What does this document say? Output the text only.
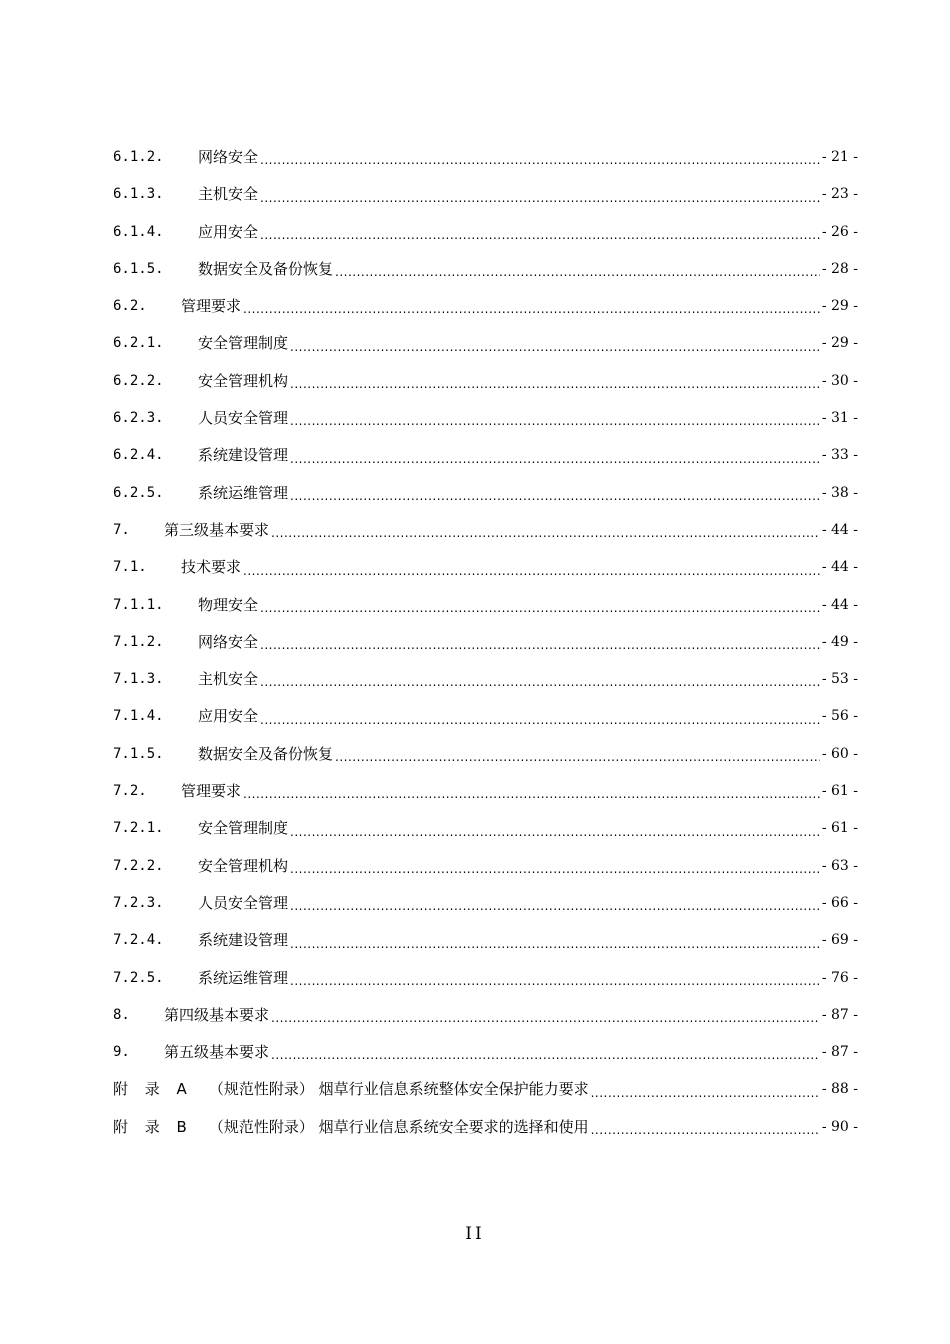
6.1.2.	网络安全 .....	- 21 -
6.1.3.	主机安全 .....	- 23 -
6.1.4.	应用安全 .....	- 26 -
6.1.5.	数据安全及备份恢复 .....	- 28 -
6.2.	管理要求 .....	- 29 -
6.2.1.	安全管理制度 .....	- 29 -
6.2.2.	安全管理机构 .....	- 30 -
6.2.3.	人员安全管理 .....	- 31 -
6.2.4.	系统建设管理 .....	- 33 -
6.2.5.	系统运维管理 .....	- 38 -
7.	第三级基本要求 .....	- 44 -
7.1.	技术要求 .....	- 44 -
7.1.1.	物理安全 .....	- 44 -
7.1.2.	网络安全 .....	- 49 -
7.1.3.	主机安全 .....	- 53 -
7.1.4.	应用安全 .....	- 56 -
7.1.5.	数据安全及备份恢复 .....	- 60 -
7.2.	管理要求 .....	- 61 -
7.2.1.	安全管理制度 .....	- 61 -
7.2.2.	安全管理机构 .....	- 63 -
7.2.3.	人员安全管理 .....	- 66 -
7.2.4.	系统建设管理 .....	- 69 -
7.2.5.	系统运维管理 .....	- 76 -
8.	第四级基本要求 .....	- 87 -
9.	第五级基本要求 .....	- 87 -
附 录 A （规范性附录） 烟草行业信息系统整体安全保护能力要求 .....	- 88 -
附 录 B （规范性附录） 烟草行业信息系统安全要求的选择和使用 .....	- 90 -
II
